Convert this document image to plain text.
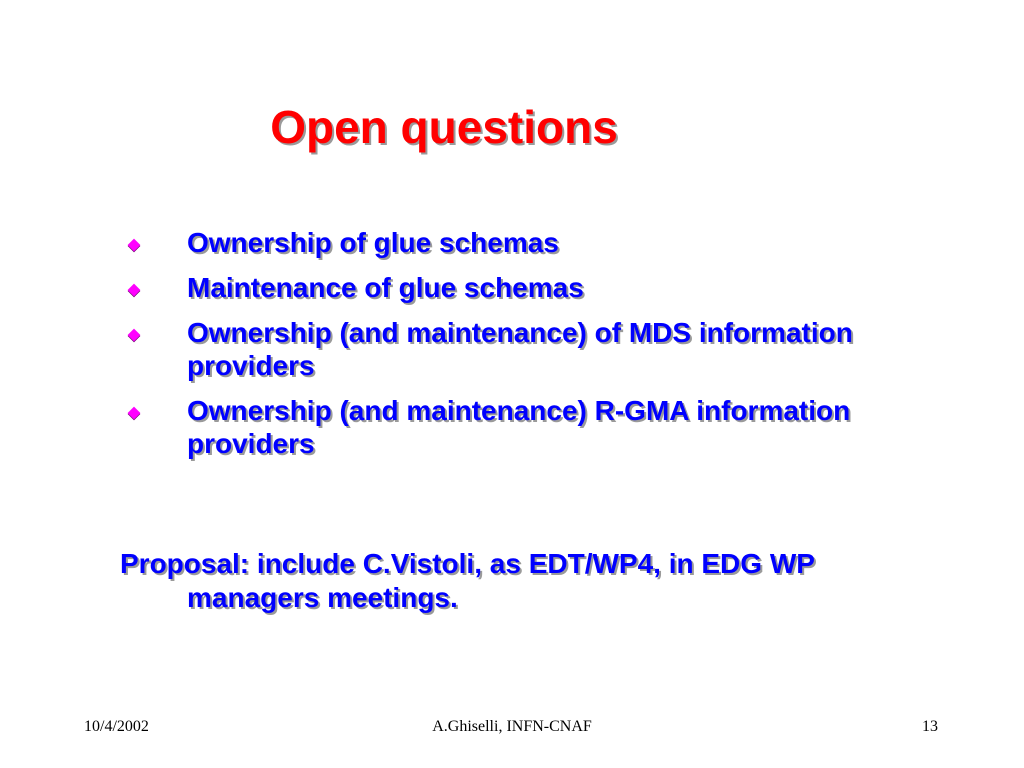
Open questions
Ownership of glue schemas
Maintenance of glue schemas
Ownership (and maintenance) of MDS information providers
Ownership (and maintenance) R-GMA information providers

Proposal: include C.Vistoli, as EDT/WP4, in EDG WP managers meetings.

10/4/2002	A.Ghiselli, INFN-CNAF	13
